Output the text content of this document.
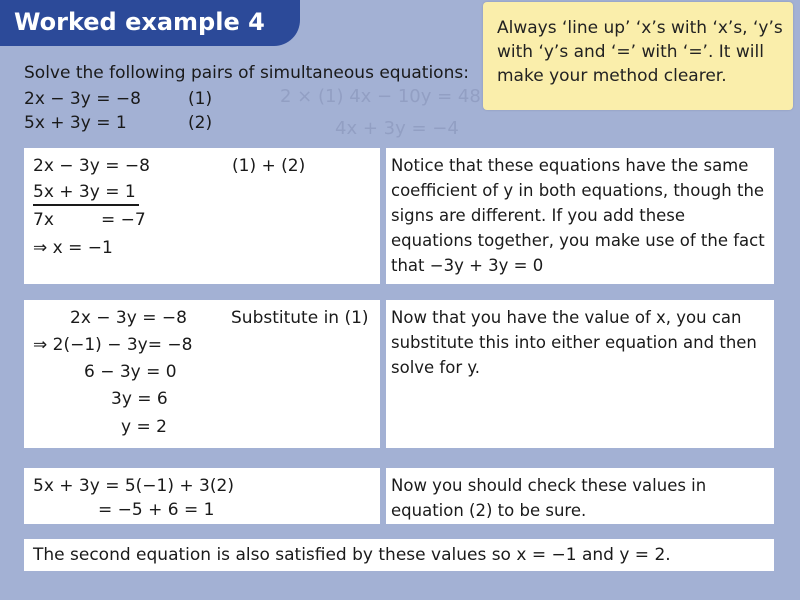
2 × (1) 4x − 10y = 48
4x + 3y = −4
Worked example 4	Always ‘line up’ ‘x’s with ‘x’s, ‘y’s with ‘y’s and ‘=’ with ‘=’. It will make your method clearer.
Solve the following pairs of simultaneous equations:
2x − 3y = −8	(1)
5x + 3y = 1	(2)
2x − 3y = −8
5x + 3y = 1
7x	= −7
⇒ x = −1
(1) + (2)	Notice that these equations have the same coefficient of y in both equations, though the signs are different. If you add these equations together, you make use of the fact that −3y + 3y = 0
2x − 3y = −8
⇒ 2(−1) − 3y= −8
6 − 3y = 0
3y = 6
y = 2
Substitute in (1) Now that you have the value of x, you can substitute this into either equation and then solve for y.
5x + 3y = 5(−1) + 3(2)
= −5 + 6 = 1
Now you should check these values in equation (2) to be sure.
The second equation is also satisfied by these values so x = −1 and y = 2.
